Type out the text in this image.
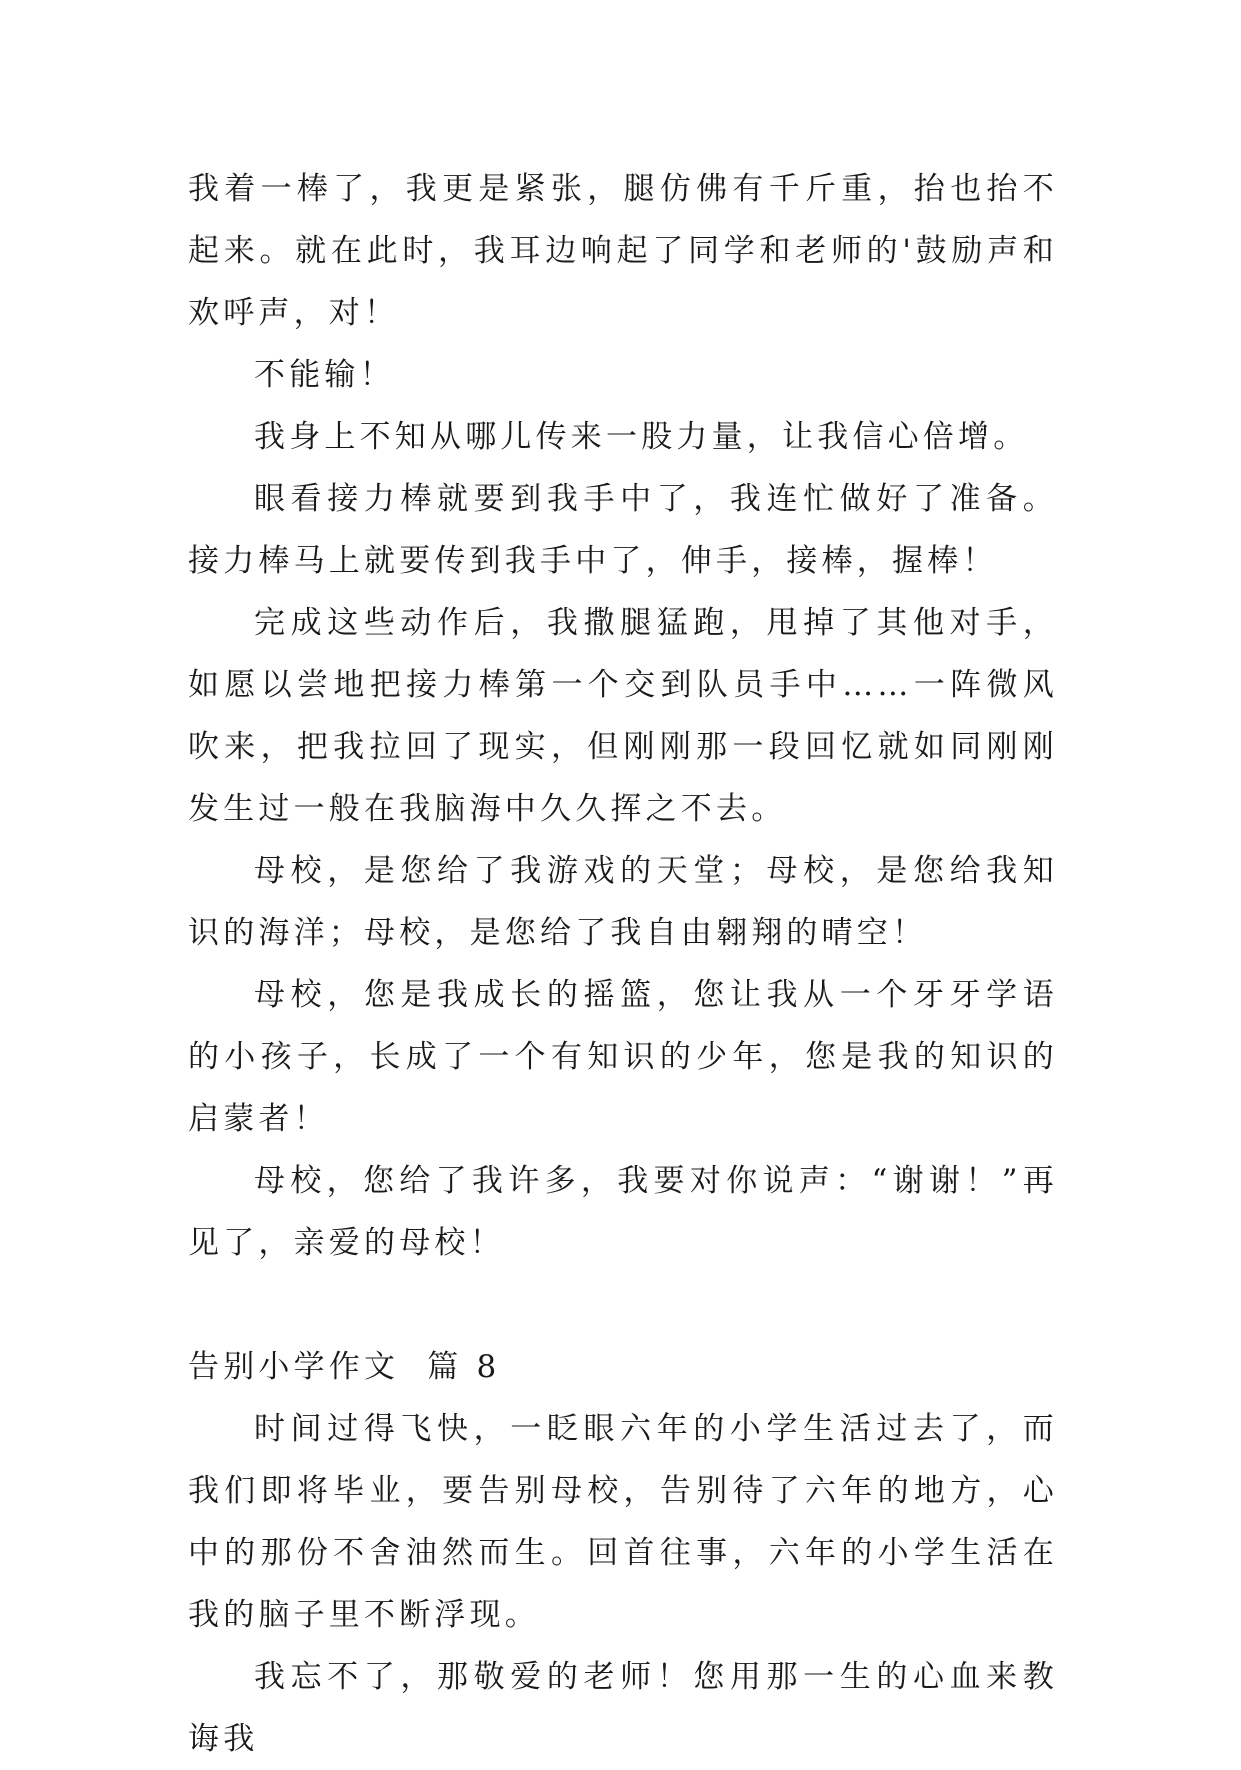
我着一棒了，我更是紧张，腿仿佛有千斤重，抬也抬不起来。就在此时，我耳边响起了同学和老师的'鼓励声和欢呼声，对！

不能输！

我身上不知从哪儿传来一股力量，让我信心倍增。

眼看接力棒就要到我手中了，我连忙做好了准备。接力棒马上就要传到我手中了，伸手，接棒，握棒！

完成这些动作后，我撒腿猛跑，甩掉了其他对手，如愿以尝地把接力棒第一个交到队员手中……一阵微风吹来，把我拉回了现实，但刚刚那一段回忆就如同刚刚发生过一般在我脑海中久久挥之不去。

母校，是您给了我游戏的天堂；母校，是您给我知识的海洋；母校，是您给了我自由翱翔的晴空！

母校，您是我成长的摇篮，您让我从一个牙牙学语的小孩子，长成了一个有知识的少年，您是我的知识的启蒙者！

母校，您给了我许多，我要对你说声：“谢谢！”再见了，亲爱的母校！

告别小学作文  篇 8

时间过得飞快，一眨眼六年的小学生活过去了，而我们即将毕业，要告别母校，告别待了六年的地方，心中的那份不舍油然而生。回首往事，六年的小学生活在我的脑子里不断浮现。

我忘不了，那敬爱的老师！您用那一生的心血来教诲我
